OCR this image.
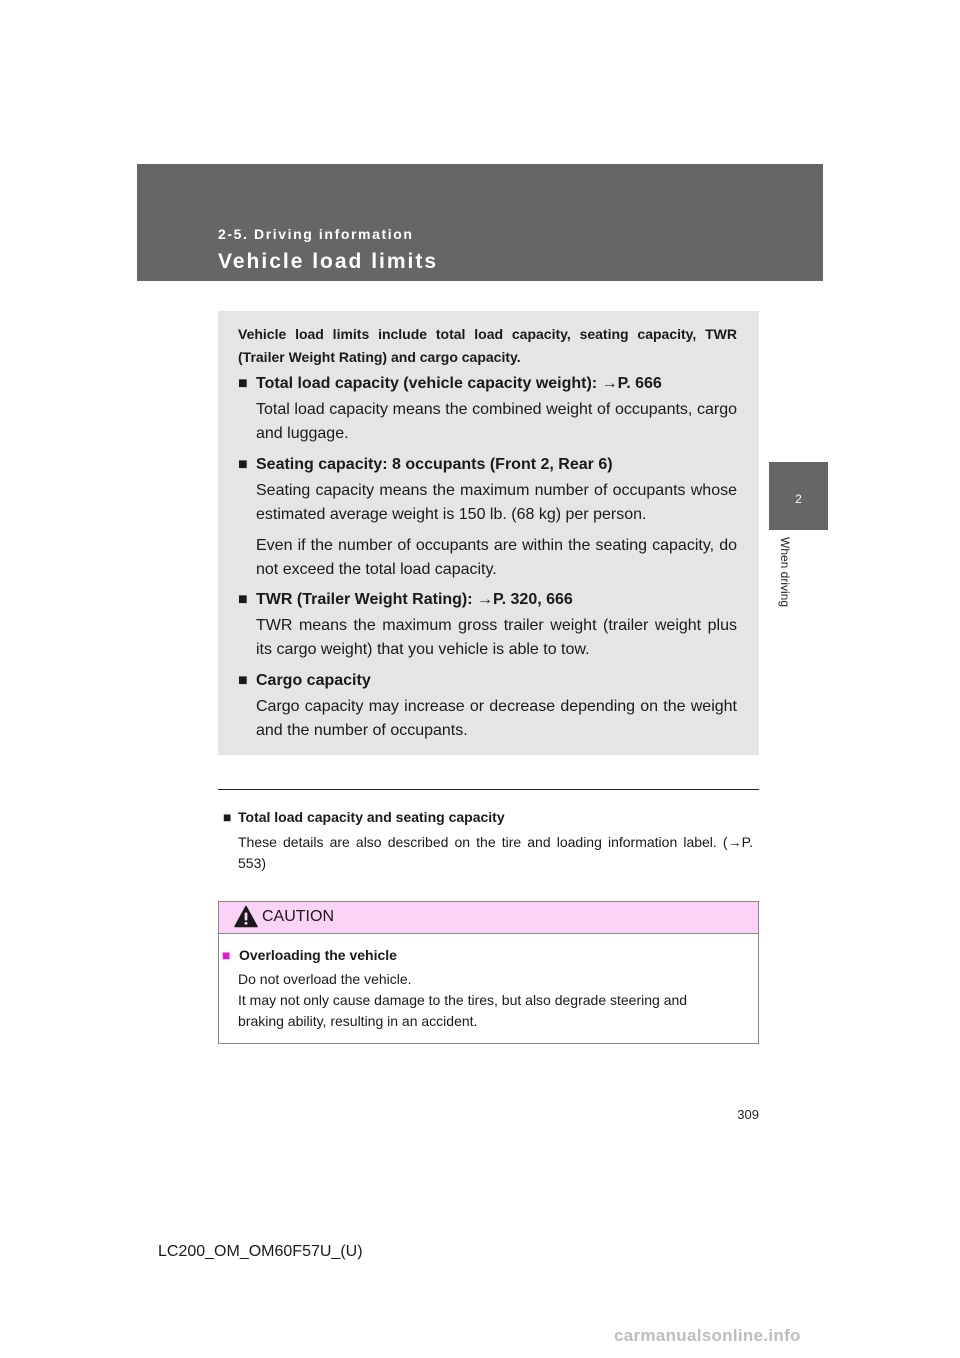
2-5. Driving information
Vehicle load limits
2
When driving
Vehicle load limits include total load capacity, seating capacity, TWR (Trailer Weight Rating) and cargo capacity.
■ Total load capacity (vehicle capacity weight): →P. 666
Total load capacity means the combined weight of occupants, cargo and luggage.
■ Seating capacity: 8 occupants (Front 2, Rear 6)
Seating capacity means the maximum number of occupants whose estimated average weight is 150 lb. (68 kg) per person.
Even if the number of occupants are within the seating capacity, do not exceed the total load capacity.
■ TWR (Trailer Weight Rating): →P. 320, 666
TWR means the maximum gross trailer weight (trailer weight plus its cargo weight) that you vehicle is able to tow.
■ Cargo capacity
Cargo capacity may increase or decrease depending on the weight and the number of occupants.
■ Total load capacity and seating capacity
These details are also described on the tire and loading information label. (→P. 553)
CAUTION
■ Overloading the vehicle
Do not overload the vehicle.
It may not only cause damage to the tires, but also degrade steering and
braking ability, resulting in an accident.
309
LC200_OM_OM60F57U_(U)
carmanualsonline.info
